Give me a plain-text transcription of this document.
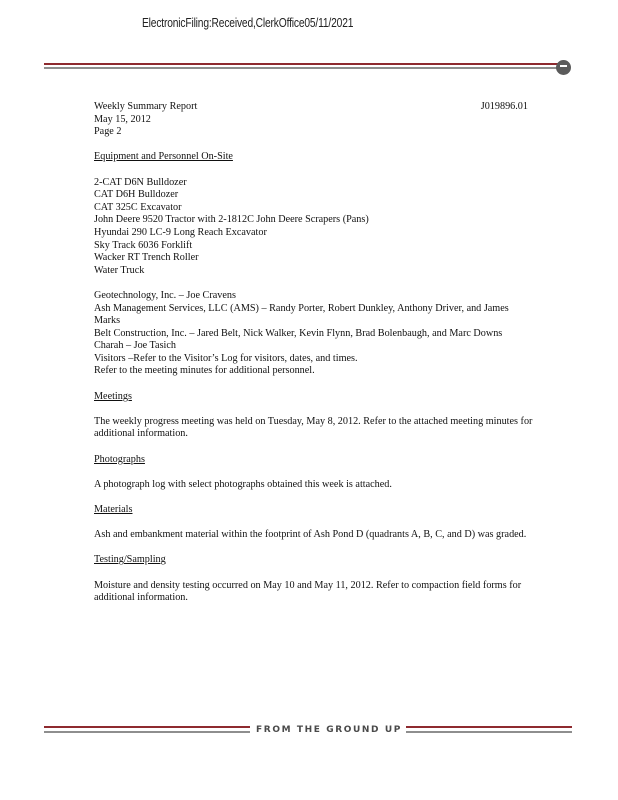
ElectronicFiling:Received,ClerkOffice05/11/2021

Weekly Summary Report	J019896.01

May 15, 2012

Page 2

Equipment and Personnel On-Site

2-CAT D6N Bulldozer

CAT D6H Bulldozer

CAT 325C Excavator

John Deere 9520 Tractor with 2-1812C John Deere Scrapers (Pans)

Hyundai 290 LC-9 Long Reach Excavator

Sky Track 6036 Forklift

Wacker RT Trench Roller

Water Truck

Geotechnology, Inc. – Joe Cravens

Ash Management Services, LLC (AMS) – Randy Porter, Robert Dunkley, Anthony Driver, and James Marks

Belt Construction, Inc. – Jared Belt, Nick Walker, Kevin Flynn, Brad Bolenbaugh, and Marc Downs

Charah – Joe Tasich

Visitors –Refer to the Visitor’s Log for visitors, dates, and times.

Refer to the meeting minutes for additional personnel.

Meetings

The weekly progress meeting was held on Tuesday, May 8, 2012. Refer to the attached meeting minutes for additional information.

Photographs

A photograph log with select photographs obtained this week is attached.

Materials

Ash and embankment material within the footprint of Ash Pond D (quadrants A, B, C, and D) was graded.

Testing/Sampling

Moisture and density testing occurred on May 10 and May 11, 2012. Refer to compaction field forms for additional information.

FROM THE GROUND UP
